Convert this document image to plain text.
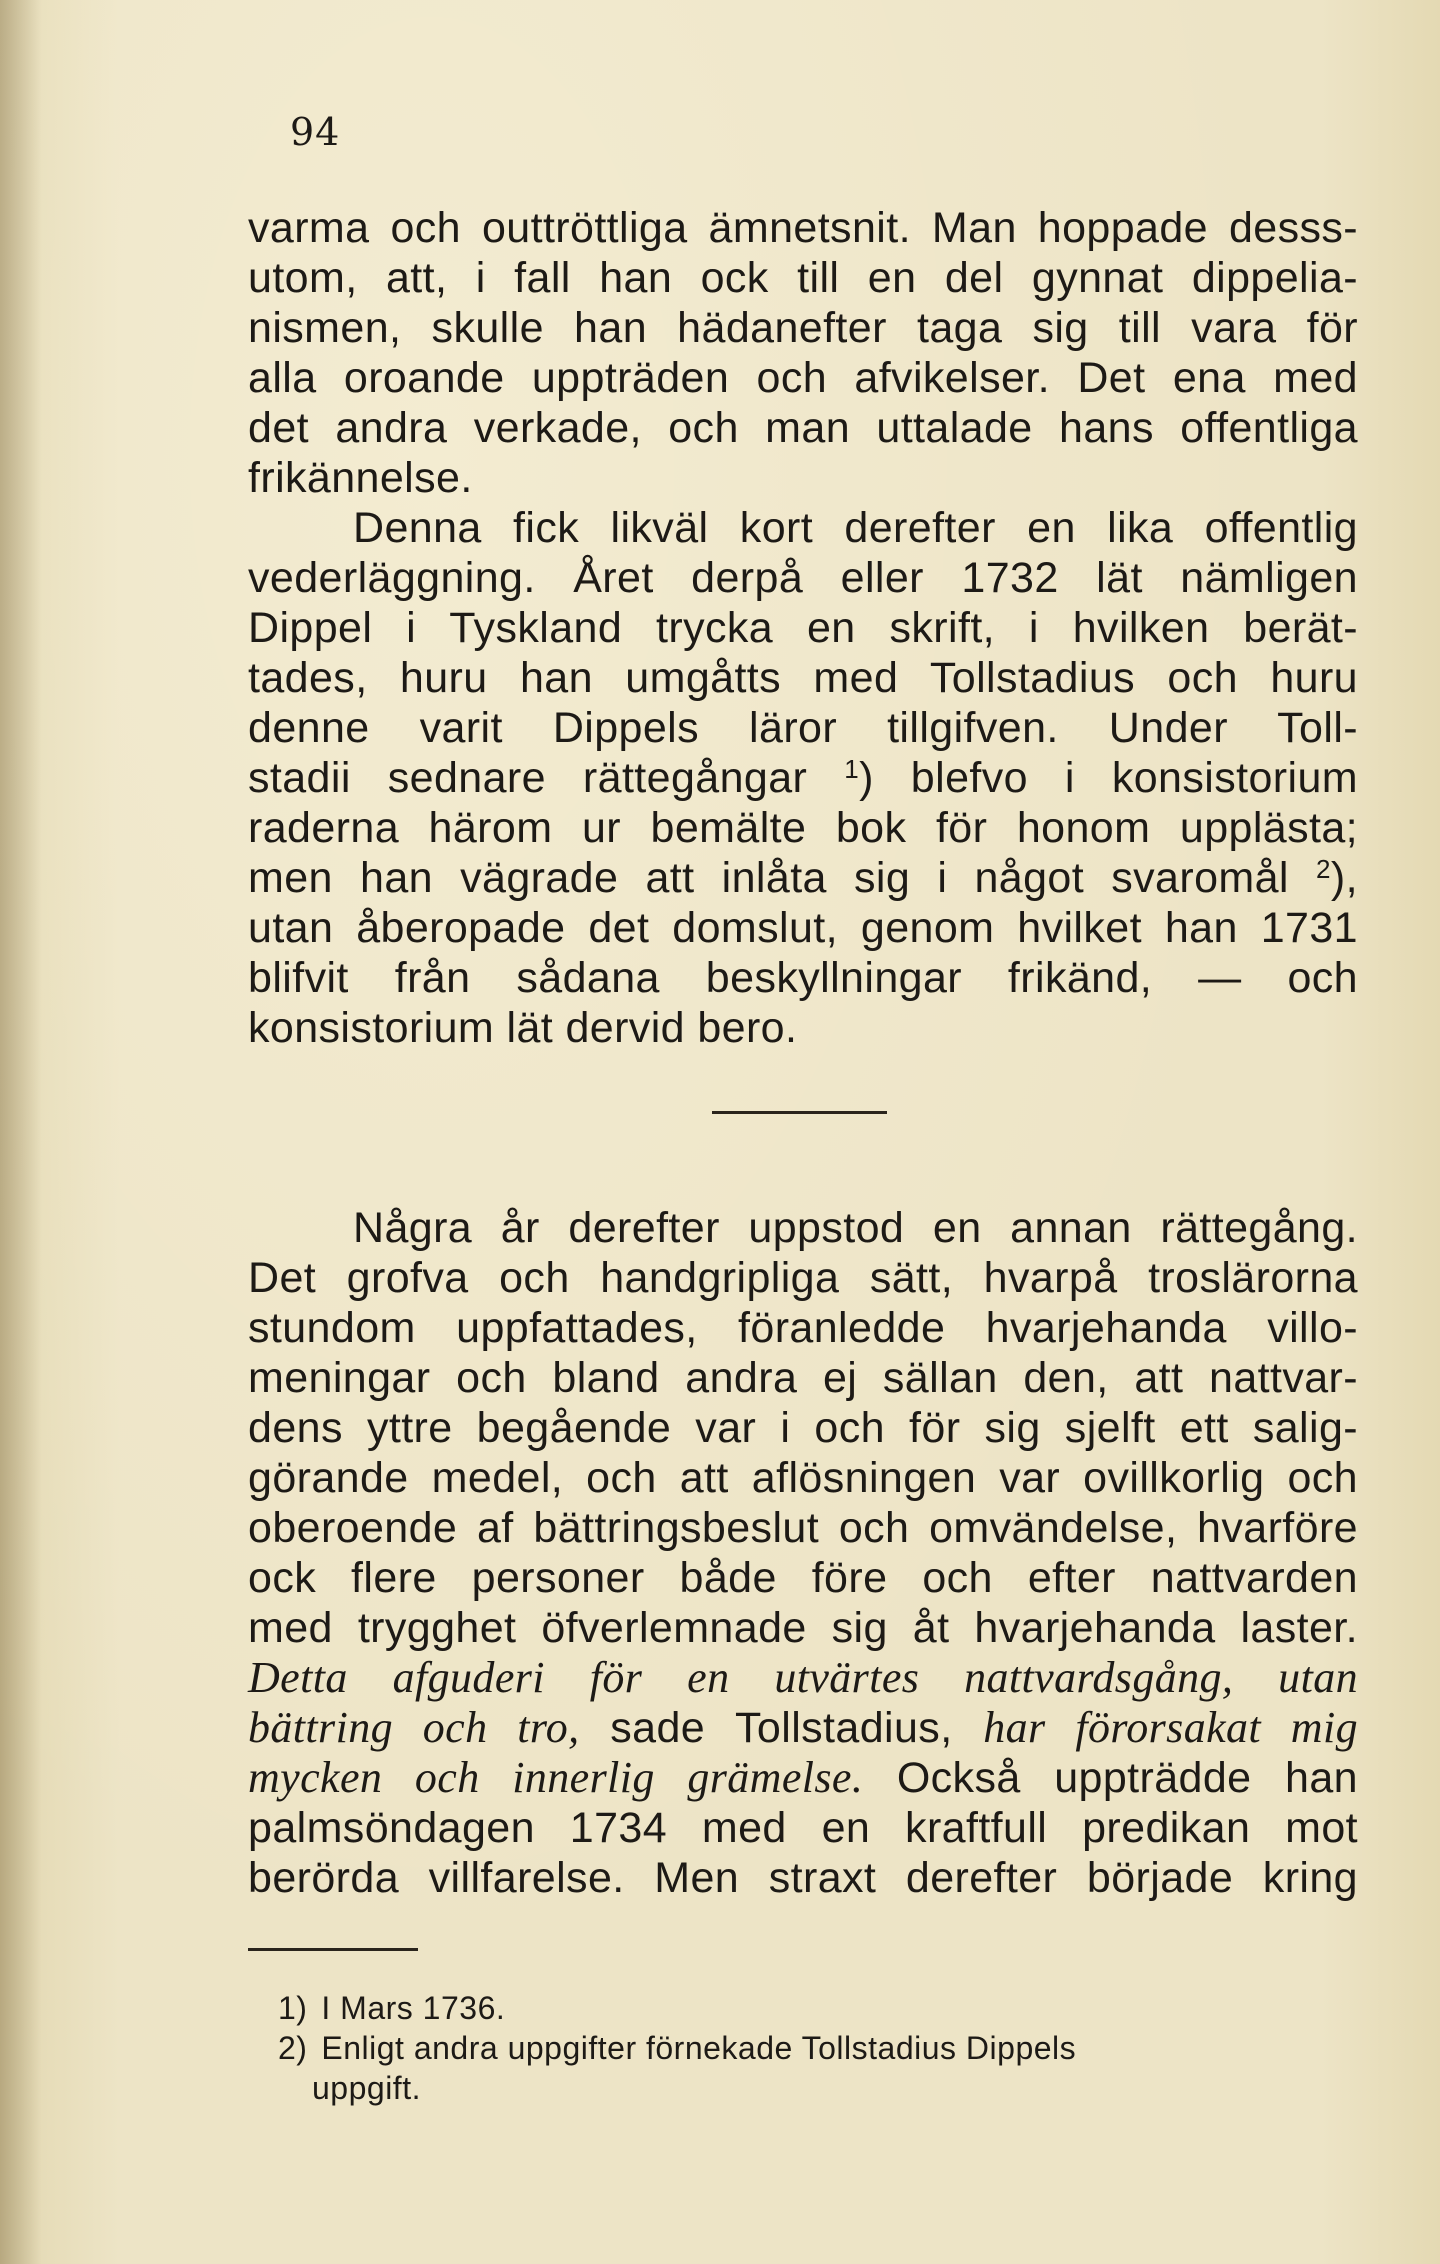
94
varma och outtröttliga ämnetsnit. Man hoppade desss-
utom, att, i fall han ock till en del gynnat dippelia-
nismen, skulle han hädanefter taga sig till vara för
alla oroande uppträden och afvikelser. Det ena med
det andra verkade, och man uttalade hans offentliga
frikännelse.
Denna fick likväl kort derefter en lika offentlig
vederläggning. Året derpå eller 1732 lät nämligen
Dippel i Tyskland trycka en skrift, i hvilken berät-
tades, huru han umgåtts med Tollstadius och huru
denne varit Dippels läror tillgifven. Under Toll-
stadii sednare rättegångar $^1$) blefvo i konsistorium
raderna härom ur bemälte bok för honom upplästa;
men han vägrade att inlåta sig i något svaromål $^2$),
utan åberopade det domslut, genom hvilket han 1731
blifvit från sådana beskyllningar frikänd, — och
konsistorium lät dervid bero.
Några år derefter uppstod en annan rättegång.
Det grofva och handgripliga sätt, hvarpå troslärorna
stundom uppfattades, föranledde hvarjehanda villo-
meningar och bland andra ej sällan den, att nattvar-
dens yttre begående var i och för sig sjelft ett salig-
görande medel, och att aflösningen var ovillkorlig och
oberoende af bättringsbeslut och omvändelse, hvarföre
ock flere personer både före och efter nattvarden
med trygghet öfverlemnade sig åt hvarjehanda laster.
Detta afguderi för en utvärtes nattvardsgång, utan
bättring och tro, sade Tollstadius, har förorsakat mig
mycken och innerlig grämelse. Också uppträdde han
palmsöndagen 1734 med en kraftfull predikan mot
berörda villfarelse. Men straxt derefter började kring
1) I Mars 1736.
2) Enligt andra uppgifter förnekade Tollstadius Dippels
uppgift.
